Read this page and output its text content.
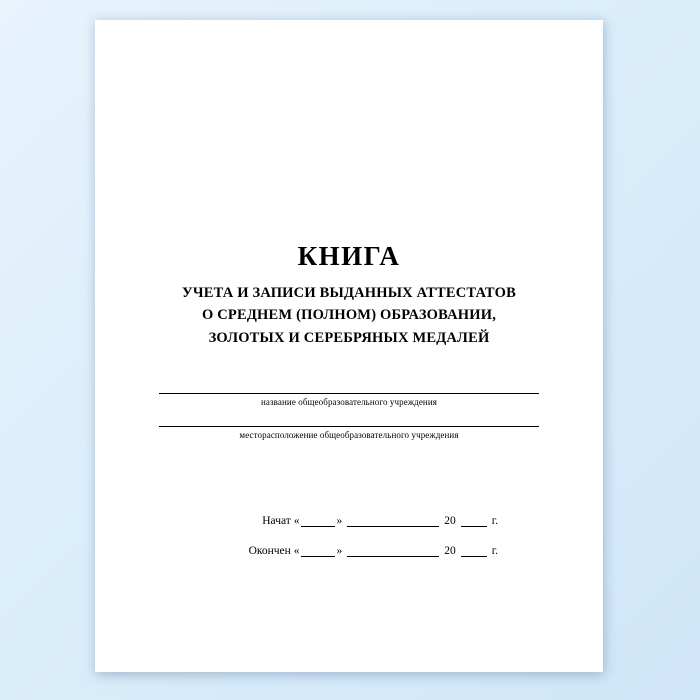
КНИГА
УЧЕТА И ЗАПИСИ ВЫДАННЫХ АТТЕСТАТОВ
О СРЕДНЕМ (ПОЛНОМ) ОБРАЗОВАНИИ,
ЗОЛОТЫХ И СЕРЕБРЯНЫХ МЕДАЛЕЙ
название общеобразовательного учреждения
месторасположение общеобразовательного учреждения
Начат «	»	20	г.
Окончен «	»	20	г.
